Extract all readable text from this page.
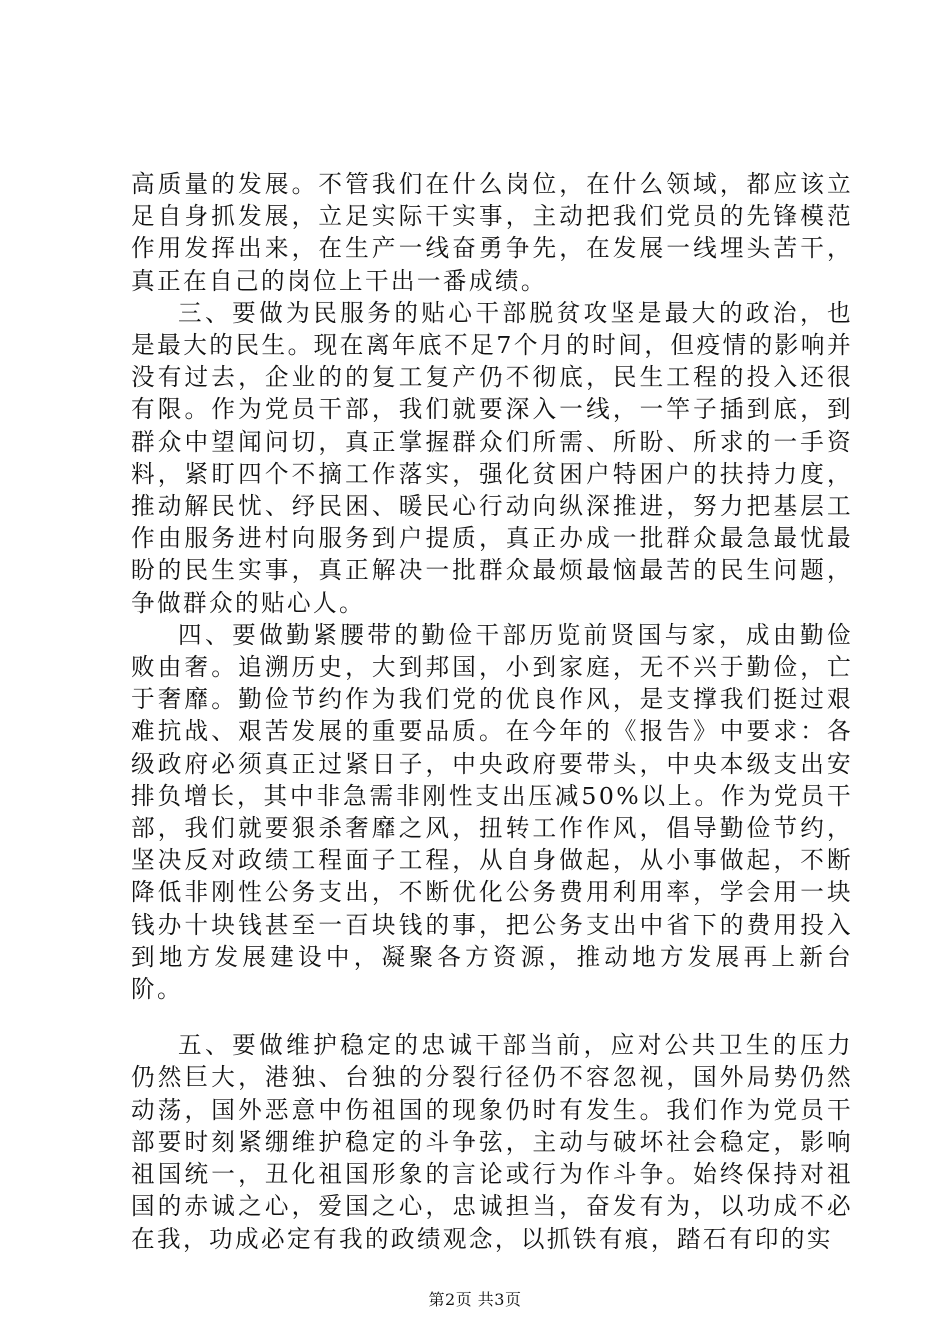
高质量的发展。不管我们在什么岗位，在什么领域，都应该立足自身抓发展，立足实际干实事，主动把我们党员的先锋模范作用发挥出来，在生产一线奋勇争先，在发展一线埋头苦干，真正在自己的岗位上干出一番成绩。

三、要做为民服务的贴心干部脱贫攻坚是最大的政治，也是最大的民生。现在离年底不足7个月的时间，但疫情的影响并没有过去，企业的的复工复产仍不彻底，民生工程的投入还很有限。作为党员干部，我们就要深入一线，一竿子插到底，到群众中望闻问切，真正掌握群众们所需、所盼、所求的一手资料，紧盯四个不摘工作落实，强化贫困户特困户的扶持力度，推动解民忧、纾民困、暖民心行动向纵深推进，努力把基层工作由服务进村向服务到户提质，真正办成一批群众最急最忧最盼的民生实事，真正解决一批群众最烦最恼最苦的民生问题，争做群众的贴心人。

四、要做勤紧腰带的勤俭干部历览前贤国与家，成由勤俭败由奢。追溯历史，大到邦国，小到家庭，无不兴于勤俭，亡于奢靡。勤俭节约作为我们党的优良作风，是支撑我们挺过艰难抗战、艰苦发展的重要品质。在今年的《报告》中要求：各级政府必须真正过紧日子，中央政府要带头，中央本级支出安排负增长，其中非急需非刚性支出压减50%以上。作为党员干部，我们就要狠杀奢靡之风，扭转工作作风，倡导勤俭节约，坚决反对政绩工程面子工程，从自身做起，从小事做起，不断降低非刚性公务支出，不断优化公务费用利用率，学会用一块钱办十块钱甚至一百块钱的事，把公务支出中省下的费用投入到地方发展建设中，凝聚各方资源，推动地方发展再上新台阶。

五、要做维护稳定的忠诚干部当前，应对公共卫生的压力仍然巨大，港独、台独的分裂行径仍不容忽视，国外局势仍然动荡，国外恶意中伤祖国的现象仍时有发生。我们作为党员干部要时刻紧绷维护稳定的斗争弦，主动与破坏社会稳定，影响祖国统一，丑化祖国形象的言论或行为作斗争。始终保持对祖国的赤诚之心，爱国之心，忠诚担当，奋发有为，以功成不必在我，功成必定有我的政绩观念，以抓铁有痕，踏石有印的实

第2页 共3页
